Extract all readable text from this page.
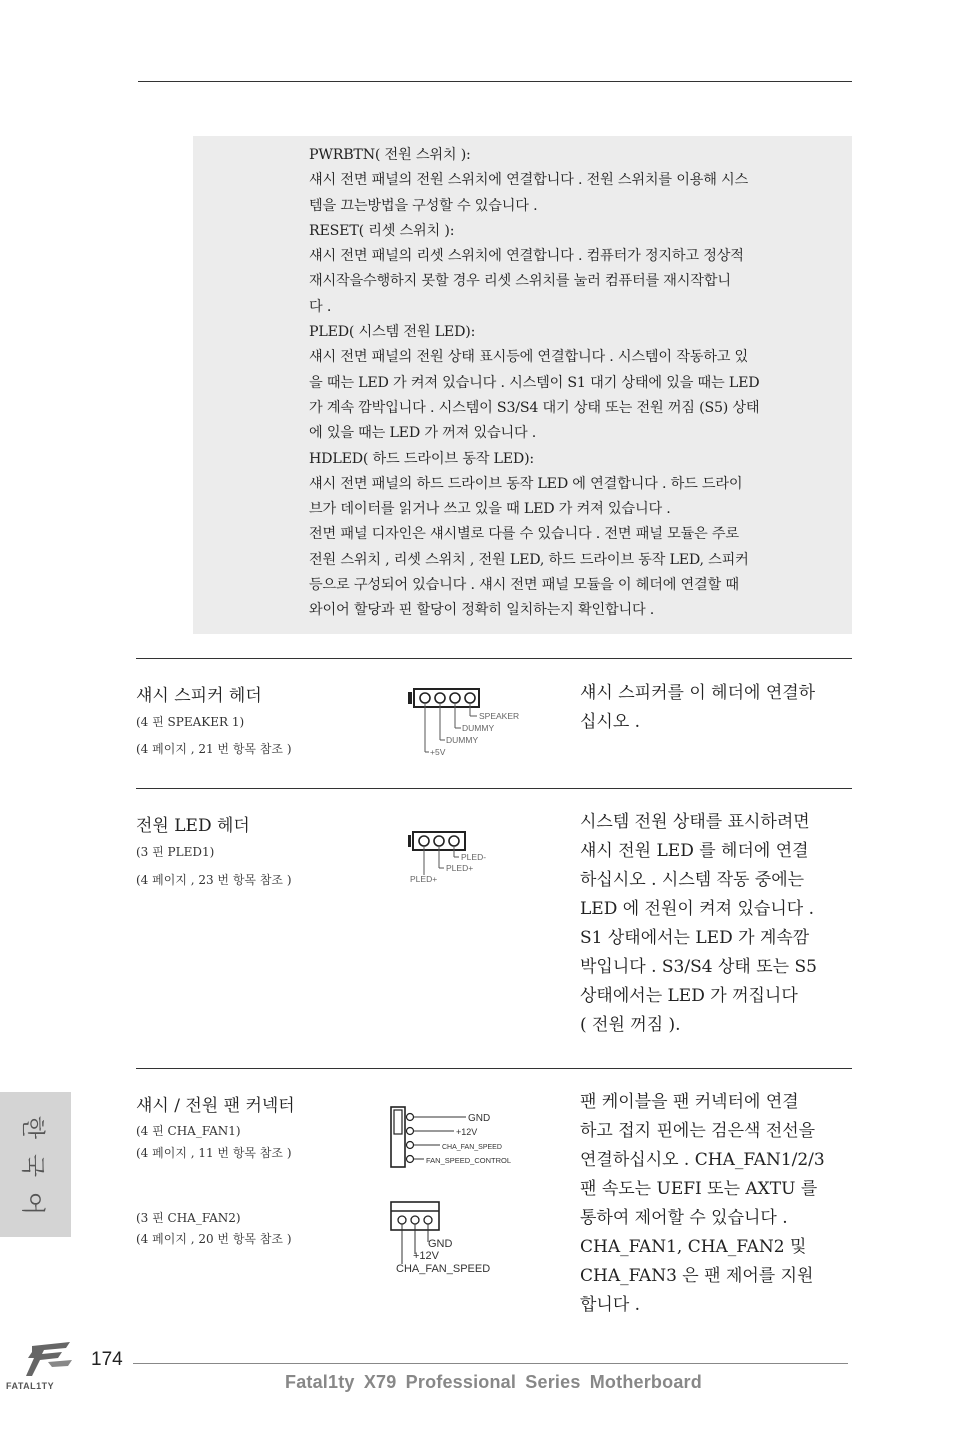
PWRBTN( 전원 스위치 ):
섀시 전면 패널의 전원 스위치에 연결합니다 . 전원 스위치를 이용해 시스
템을 끄는방법을 구성할 수 있습니다 .
RESET( 리셋 스위치 ):
섀시 전면 패널의 리셋 스위치에 연결합니다 . 컴퓨터가 정지하고 정상적
재시작을수행하지 못할 경우 리셋 스위치를 눌러 컴퓨터를 재시작합니
다 .
PLED( 시스템 전원 LED):
섀시 전면 패널의 전원 상태 표시등에 연결합니다 . 시스템이 작동하고 있
을 때는 LED 가 켜져 있습니다 . 시스템이 S1 대기 상태에 있을 때는 LED
가 계속 깜박입니다 . 시스템이 S3/S4 대기 상태 또는 전원 꺼짐 (S5) 상태
에 있을 때는 LED 가 꺼져 있습니다 .
HDLED( 하드 드라이브 동작 LED):
섀시 전면 패널의 하드 드라이브 동작 LED 에 연결합니다 . 하드 드라이
브가 데이터를 읽거나 쓰고 있을 때 LED 가 켜져 있습니다 .
전면 패널 디자인은 섀시별로 다를 수 있습니다 . 전면 패널 모듈은 주로
전원 스위치 , 리셋 스위치 , 전원 LED, 하드 드라이브 동작 LED, 스피커
등으로 구성되어 있습니다 . 섀시 전면 패널 모듈을 이 헤더에 연결할 때
와이어 할당과 핀 할당이 정확히 일치하는지 확인합니다 .
섀시 스피커 헤더
(4 핀 SPEAKER 1)
(4 페이지 , 21 번 항목 참조 )
SPEAKER
DUMMY
DUMMY
+5V
섀시 스피커를 이 헤더에 연결하
십시오 .
전원 LED 헤더
(3 핀 PLED1)
(4 페이지 , 23 번 항목 참조 )
PLED-
PLED+
PLED+
시스템 전원 상태를 표시하려면
섀시 전원 LED 를 헤더에 연결
하십시오 . 시스템 작동 중에는
LED 에 전원이 켜져 있습니다 .
S1 상태에서는 LED 가 계속깜
박입니다 . S3/S4 상태 또는 S5
상태에서는 LED 가 꺼집니다
( 전원 꺼짐 ).
섀시 / 전원 팬 커넥터
(4 핀 CHA_FAN1)
(4 페이지 , 11 번 항목 참조 )
(3 핀 CHA_FAN2)
(4 페이지 , 20 번 항목 참조 )
GND
+12V
CHA_FAN_SPEED
FAN_SPEED_CONTROL
GND
+12V
CHA_FAN_SPEED
팬 케이블을 팬 커넥터에 연결
하고 접지 핀에는 검은색 전선을
연결하십시오 . CHA_FAN1/2/3
팬 속도는 UEFI 또는 AXTU 를
통하여 제어할 수 있습니다 .
CHA_FAN1, CHA_FAN2 및
CHA_FAN3 은 팬 제어를 지원
합니다 .
한
국
어
FATAL1TY
174
Fatal1ty X79 Professional Series Motherboard
